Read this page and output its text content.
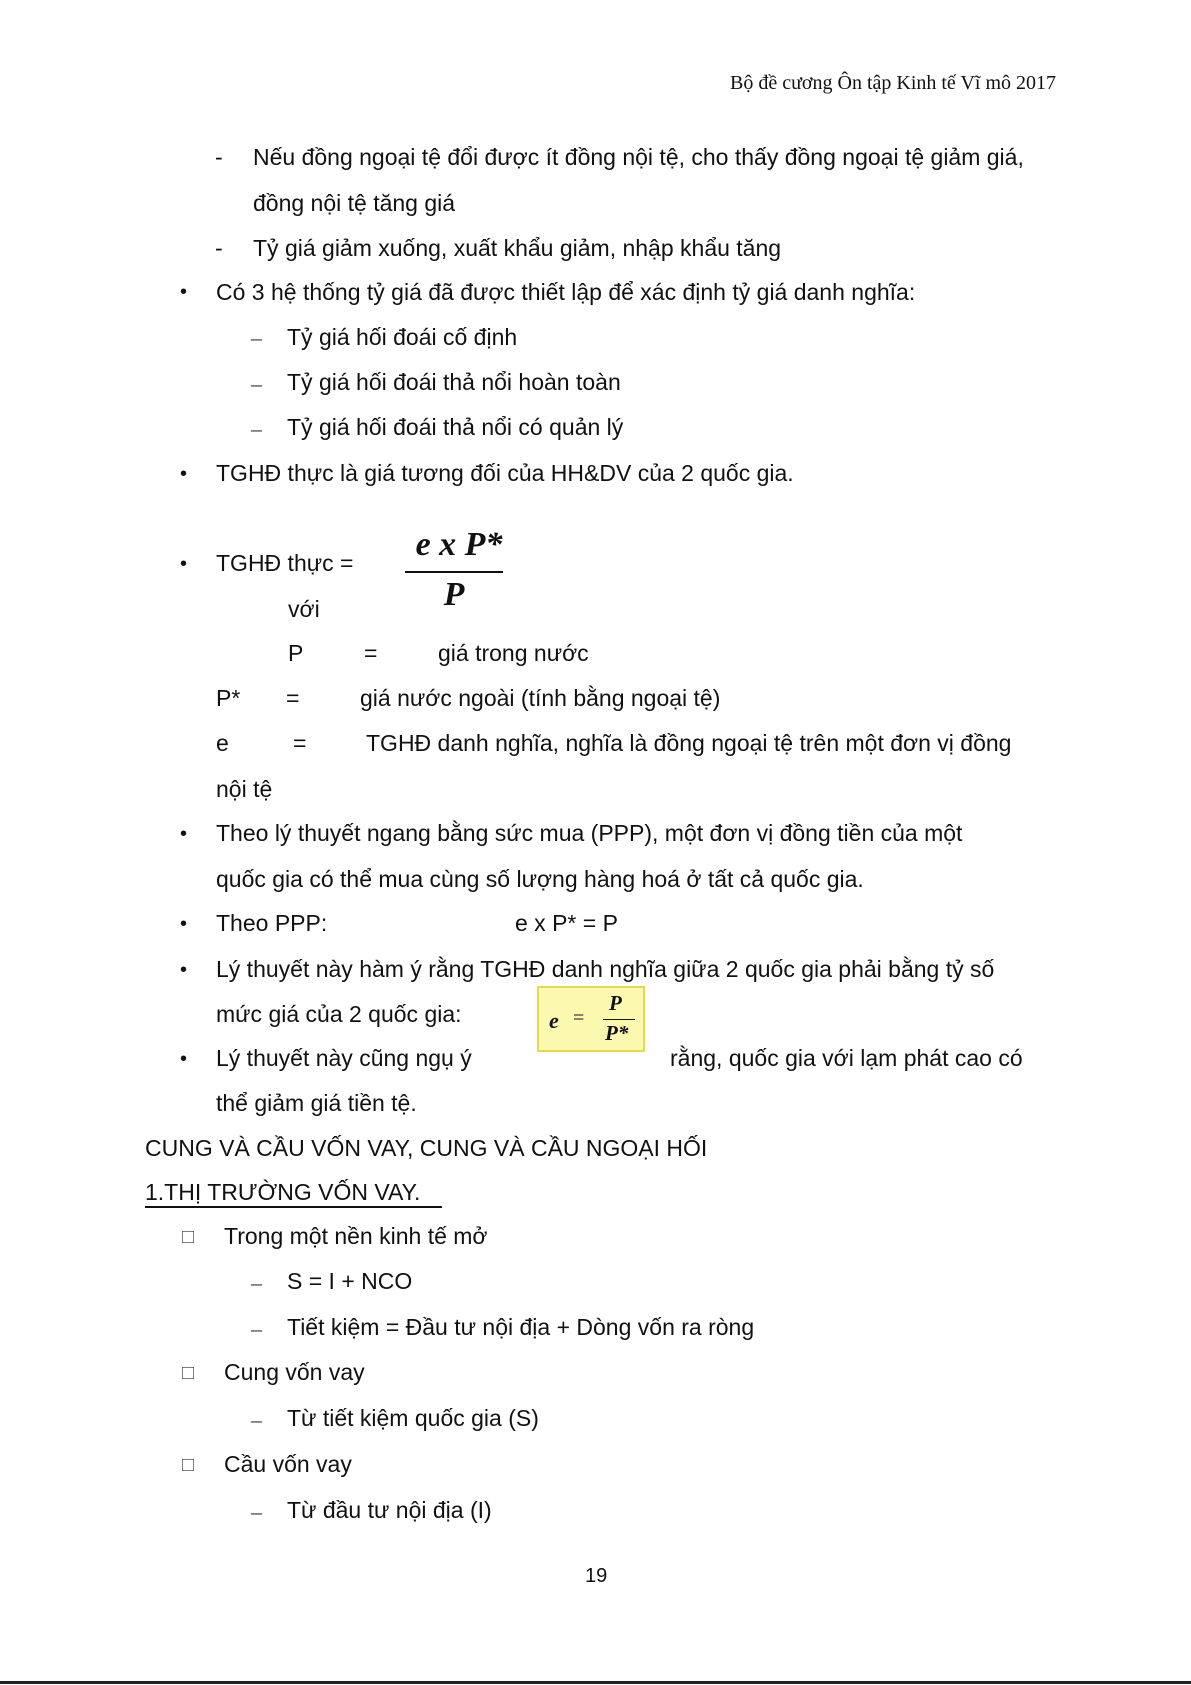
Bộ đề cương Ôn tập Kinh tế Vĩ mô 2017
- Nếu đồng ngoại tệ đổi được ít đồng nội tệ, cho thấy đồng ngoại tệ giảm giá,
đồng nội tệ tăng giá
- Tỷ giá giảm xuống, xuất khẩu giảm, nhập khẩu tăng
• Có 3 hệ thống tỷ giá đã được thiết lập để xác định tỷ giá danh nghĩa:
– Tỷ giá hối đoái cố định
– Tỷ giá hối đoái thả nổi hoàn toàn
– Tỷ giá hối đoái thả nổi có quản lý
• TGHĐ thực là giá tương đối của HH&DV của 2 quốc gia.
• TGHĐ thực =	e x P*
P
với
P	=	giá trong nước
P* =	giá nước ngoài (tính bằng ngoại tệ)
e	=	TGHĐ danh nghĩa, nghĩa là đồng ngoại tệ trên một đơn vị đồng
nội tệ
• Theo lý thuyết ngang bằng sức mua (PPP), một đơn vị đồng tiền của một
quốc gia có thể mua cùng số lượng hàng hoá ở tất cả quốc gia.
• Theo PPP:	e x P* = P
• Lý thuyết này hàm ý rằng TGHĐ danh nghĩa giữa 2 quốc gia phải bằng tỷ số
mức giá của 2 quốc gia:	e =
P
P*
• Lý thuyết này cũng ngụ ý	rằng, quốc gia với lạm phát cao có
thể giảm giá tiền tệ.
CUNG VÀ CẦU VỐN VAY, CUNG VÀ CẦU NGOẠI HỐI
1.THỊ TRƯỜNG VỐN VAY.
□ Trong một nền kinh tế mở
– S = I + NCO
– Tiết kiệm = Đầu tư nội địa + Dòng vốn ra ròng
□ Cung vốn vay
– Từ tiết kiệm quốc gia (S)
□ Cầu vốn vay
– Từ đầu tư nội địa (I)
19
